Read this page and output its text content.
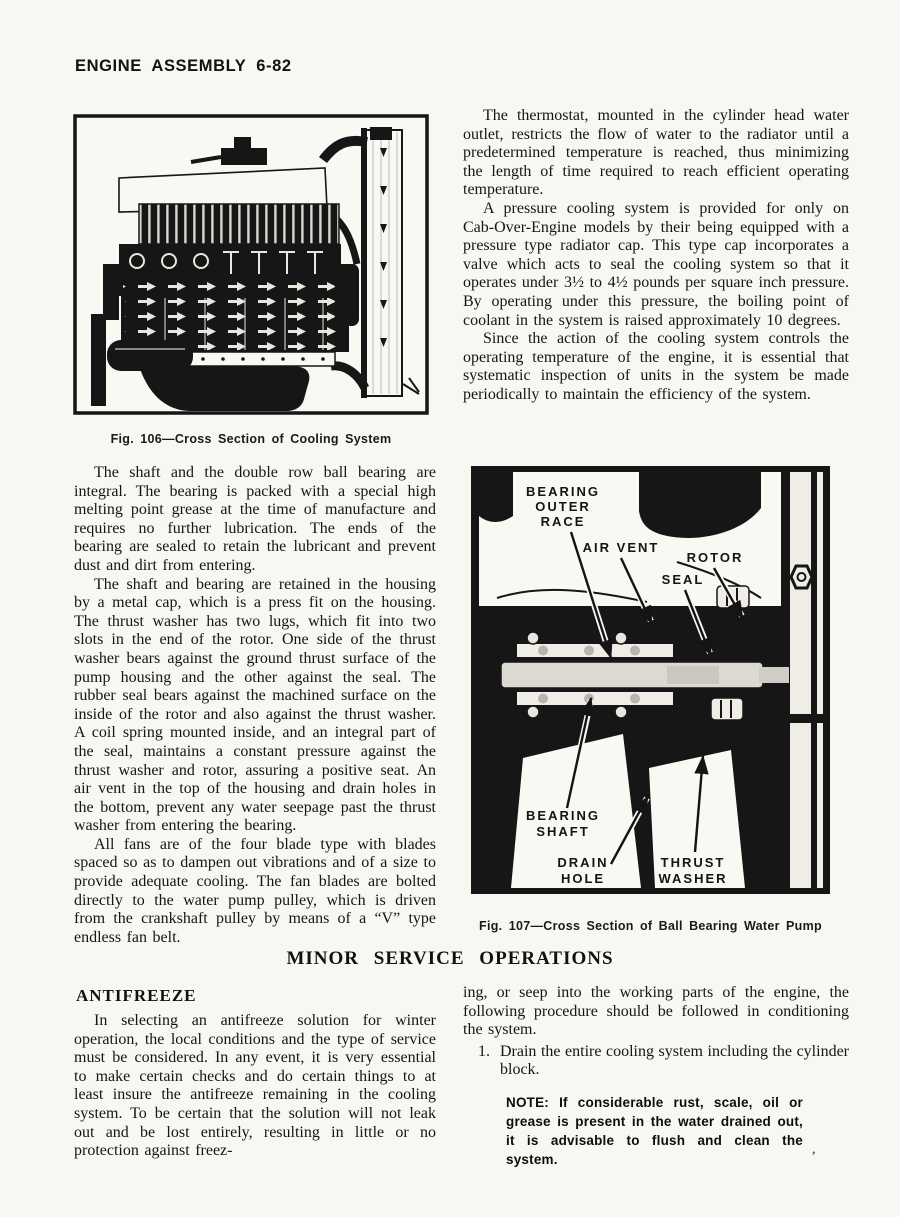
ENGINE ASSEMBLY 6-82
Fig. 106—Cross Section of Cooling System

The thermostat, mounted in the cylinder head water outlet, restricts the flow of water to the radiator until a predetermined temperature is reached, thus minimizing the length of time required to reach efficient operating temperature.

A pressure cooling system is provided for only on Cab-Over-Engine models by their being equipped with a pressure type radiator cap. This type cap incorporates a valve which acts to seal the cooling system so that it operates under 3½ to 4½ pounds per square inch pressure. By operating under this pressure, the boiling point of coolant in the system is raised approximately 10 degrees.

Since the action of the cooling system controls the operating temperature of the engine, it is essential that systematic inspection of units in the system be made periodically to maintain the efficiency of the system.

The shaft and the double row ball bearing are integral. The bearing is packed with a special high melting point grease at the time of manufacture and requires no further lubrication. The ends of the bearing are sealed to retain the lubricant and prevent dust and dirt from entering.

The shaft and bearing are retained in the housing by a metal cap, which is a press fit on the housing. The thrust washer has two lugs, which fit into two slots in the end of the rotor. One side of the thrust washer bears against the ground thrust surface of the pump housing and the other against the seal. The rubber seal bears against the machined surface on the inside of the rotor and also against the thrust washer. A coil spring mounted inside, and an integral part of the seal, maintains a constant pressure against the thrust washer and rotor, assuring a positive seat. An air vent in the top of the housing and drain holes in the bottom, prevent any water seepage past the thrust washer from entering the bearing.

All fans are of the four blade type with blades spaced so as to dampen out vibrations and of a size to provide adequate cooling. The fan blades are bolted directly to the water pump pulley, which is driven from the crankshaft pulley by means of a “V” type endless fan belt.

BEARING
OUTER
RACE
AIR VENT
ROTOR
SEAL
BEARING
SHAFT
DRAIN
HOLE
THRUST
WASHER
Fig. 107—Cross Section of Ball Bearing Water Pump
MINOR SERVICE OPERATIONS
ANTIFREEZE

In selecting an antifreeze solution for winter operation, the local conditions and the type of service must be considered. In any event, it is very essential to make certain checks and do certain things to at least insure the antifreeze remaining in the cooling system. To be certain that the solution will not leak out and be lost entirely, resulting in little or no protection against freez-

ing, or seep into the working parts of the engine, the following procedure should be followed in conditioning the system.

1. Drain the entire cooling system including the cylinder block.
NOTE: If considerable rust, scale, oil or grease is present in the water drained out, it is advisable to flush and clean the system.
,
